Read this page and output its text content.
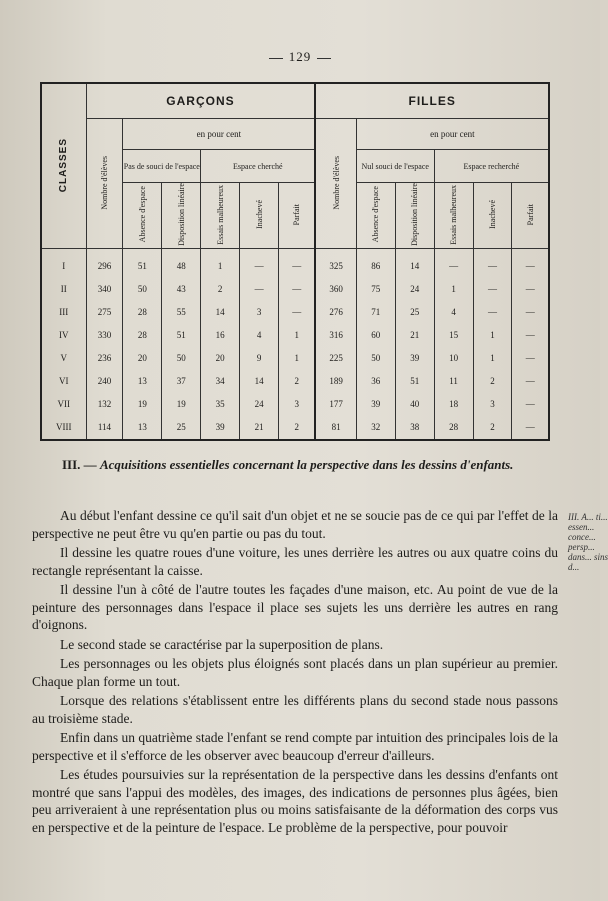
129
CLASSES	GARÇONS						FILLES					
	Nombre d'élèves	en pour cent					Nombre d'élèves	en pour cent				
		Pas de souci de l'espace		Espace cherché				Nul souci de l'espace		Espace recherché		
		Absence d'espace	Disposition linéaire	Essais malheureux	Inachevé	Parfait		Absence d'espace	Disposition linéaire	Essais malheureux	Inachevé	Parfait
I	296	51	48	1	—	—	325	86	14	—	—	—
II	340	50	43	2	—	—	360	75	24	1	—	—
III	275	28	55	14	3	—	276	71	25	4	—	—
IV	330	28	51	16	4	1	316	60	21	15	1	—
V	236	20	50	20	9	1	225	50	39	10	1	—
VI	240	13	37	34	14	2	189	36	51	11	2	—
VII	132	19	19	35	24	3	177	39	40	18	3	—
VIII	114	13	25	39	21	2	81	32	38	28	2	—
III. — Acquisitions essentielles concernant la perspective dans les dessins d'enfants.

Au début l'enfant dessine ce qu'il sait d'un objet et ne se soucie pas de ce qui par l'effet de la perspective ne peut être vu qu'en partie ou pas du tout.

Il dessine les quatre roues d'une voiture, les unes derrière les autres ou aux quatre coins du rectangle représentant la caisse.

Il dessine l'un à côté de l'autre toutes les façades d'une maison, etc. Au point de vue de la peinture des personnages dans l'espace il place ses sujets les uns derrière les autres en rang d'oignons.

Le second stade se caractérise par la superposition de plans.

Les personnages ou les objets plus éloignés sont placés dans un plan supérieur au premier. Chaque plan forme un tout.

Lorsque des relations s'établissent entre les différents plans du second stade nous passons au troisième stade.

Enfin dans un quatrième stade l'enfant se rend compte par intuition des principales lois de la perspective et il s'efforce de les observer avec beaucoup d'erreur d'ailleurs.

Les études poursuivies sur la représentation de la perspective dans les dessins d'enfants ont montré que sans l'appui des modèles, des images, des indications de personnes plus âgées, bien peu arriveraient à une représentation plus ou moins satisfaisante de la déformation des corps vus en perspective et de la peinture de l'espace. Le problème de la perspective, pour pouvoir

III. A... ti... essen... conce... persp... dans... sins d...
